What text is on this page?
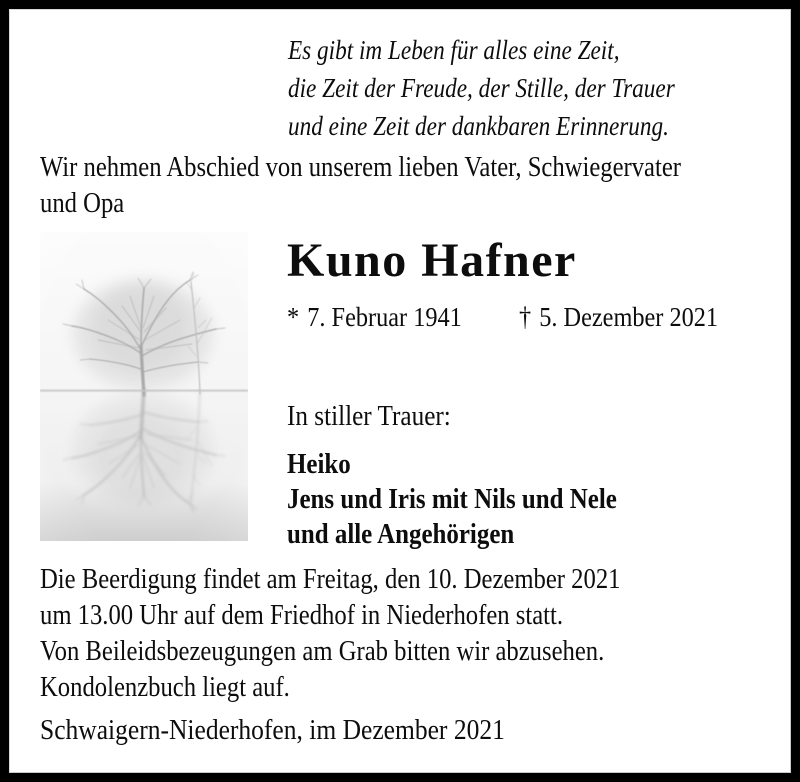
Es gibt im Leben für alles eine Zeit,
die Zeit der Freude, der Stille, der Trauer
und eine Zeit der dankbaren Erinnerung.
Wir nehmen Abschied von unserem lieben Vater, Schwiegervater
und Opa
Kuno Hafner
* 7. Februar 1941 † 5. Dezember 2021
In stiller Trauer:
Heiko
Jens und Iris mit Nils und Nele
und alle Angehörigen
Die Beerdigung findet am Freitag, den 10. Dezember 2021
um 13.00 Uhr auf dem Friedhof in Niederhofen statt.
Von Beileidsbezeugungen am Grab bitten wir abzusehen.
Kondolenzbuch liegt auf.
Schwaigern-Niederhofen, im Dezember 2021
